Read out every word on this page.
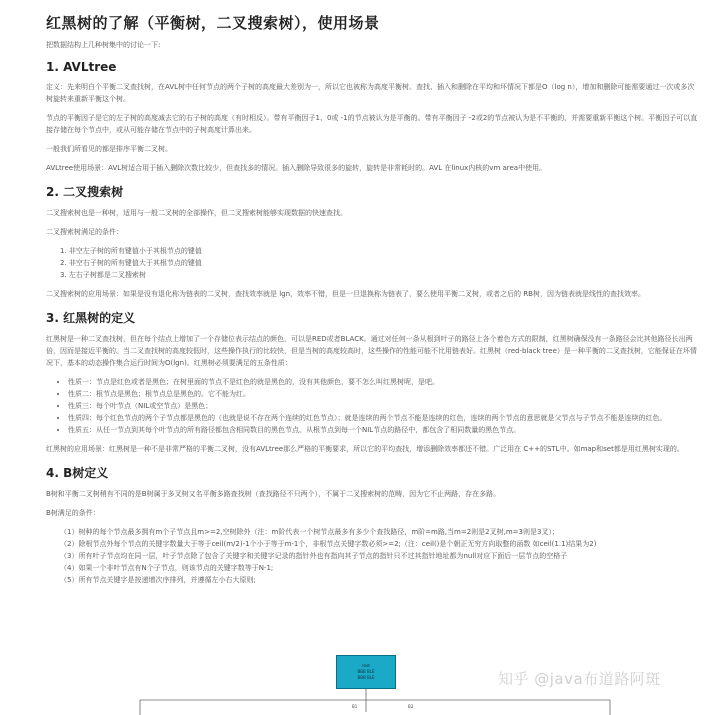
红黑树的了解（平衡树，二叉搜索树），使用场景

把数据结构上几种树集中的讨论一下:

1. AVLtree

定义：先来明白个平衡二叉查找树，在AVL树中任何节点的两个子树的高度最大差别为一，所以它也被称为高度平衡树。查找、插入和删除在平均和坏情况下都是O（log n），增加和删除可能需要通过一次或多次树旋转来重新平衡这个树。

节点的平衡因子是它的左子树的高度减去它的右子树的高度（有时相反）。带有平衡因子1、0或 -1的节点被认为是平衡的。带有平衡因子 -2或2的节点被认为是不平衡的，并需要重新平衡这个树。平衡因子可以直接存储在每个节点中，或从可能存储在节点中的子树高度计算出来。

一般我们所看见的都是排序平衡二叉树。

AVLtree使用场景：AVL树适合用于插入删除次数比较少，但查找多的情况。插入删除导致很多的旋转，旋转是非常耗时的。AVL 在linux内核的vm area中使用。

2. 二叉搜索树

二叉搜索树也是一种树，适用与一般二叉树的全部操作，但二叉搜索树能够实现数据的快速查找。

二叉搜索树满足的条件：

1. 非空左子树的所有键值小于其根节点的键值
2. 非空右子树的所有键值大于其根节点的键值
3. 左右子树都是二叉搜索树

二叉搜索树的应用场景：如果是没有退化称为链表的二叉树，查找效率就是 lgn，效率不错，但是一旦退换称为链表了，要么使用平衡二叉树，或者之后的 RB树，因为链表就是线性的查找效率。

3. 红黑树的定义

红黑树是一种二叉查找树，但在每个结点上增加了一个存储位表示结点的颜色，可以是RED或者BLACK。通过对任何一条从根到叶子的路径上各个着色方式的限制，红黑树确保没有一条路径会比其他路径长出两倍，因而是接近平衡的。当二叉查找树的高度较低时，这些操作执行的比较快，但是当树的高度较高时，这些操作的性能可能不比用链表好。红黑树（red-black tree）是一种平衡的二叉查找树，它能保证在坏情况下，基本的动态操作集合运行时间为O(lgn)。红黑树必须要满足的五条性质：

• 性质一：节点是红色或者是黑色；在树里面的节点不是红色的就是黑色的，没有其他颜色，要不怎么叫红黑树呢，是吧。
• 性质二：根节点是黑色；根节点总是黑色的。它不能为红。
• 性质三：每个叶节点（NIL或空节点）是黑色；
• 性质四：每个红色节点的两个子节点都是黑色的（也就是说不存在两个连续的红色节点）；就是连续的两个节点不能是连续的红色，连续的两个节点的意思就是父节点与子节点不能是连续的红色。
• 性质五：从任一节点到其每个叶节点的所有路径都包含相同数目的黑色节点。从根节点到每一个NIL节点的路径中，都包含了相同数量的黑色节点。

红黑树的应用场景：红黑树是一种不是非常严格的平衡二叉树，没有AVLtree那么严格的平衡要求，所以它的平均查找，增添删除效率都还不错。广泛用在 C++的STL中。如map和set都是用红黑树实现的。

4. B树定义

B树和平衡二叉树稍有不同的是B树属于多叉树又名平衡多路查找树（查找路径不只两个），不属于二叉搜索树的范畴，因为它不止两路，存在多路。

B树满足的条件：

（1）树种的每个节点最多拥有m个子节点且m>=2,空树除外（注：m阶代表一个树节点最多有多少个查找路径，m阶=m路,当m=2则是2叉树,m=3则是3叉）；
（2）除根节点外每个节点的关键字数量大于等于ceil(m/2)-1个小于等于m-1个，非根节点关键字数必须>=2;（注：ceil()是个朝正无穷方向取整的函数 如ceil(1.1)结果为2)
（3）所有叶子节点均在同一层，叶子节点除了包含了关键字和关键字记录的指针外也有指向其子节点的指针只不过其指针地址都为null对应下面后一层节点的空格子
（4）如果一个非叶节点有N个子节点，则该节点的关键字数等于N-1;
（5）所有节点关键字是按递增次序排列，并遵循左小右大原则;
root
BBB BLE
BBB BLE
B1	B2
知乎 @java布道路阿斑
